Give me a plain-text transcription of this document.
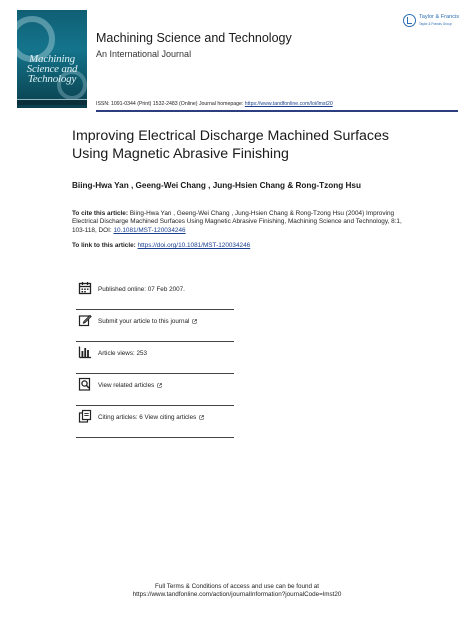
Machining
Science and
Technology
Machining Science and Technology
An International Journal
Taylor & Francis
Taylor & Francis Group
ISSN: 1091-0344 (Print) 1532-2483 (Online) Journal homepage: https://www.tandfonline.com/loi/lmst20
Improving Electrical Discharge Machined Surfaces Using Magnetic Abrasive Finishing
Biing-Hwa Yan , Geeng-Wei Chang , Jung-Hsien Chang & Rong-Tzong Hsu
To cite this article: Biing-Hwa Yan , Geeng-Wei Chang , Jung-Hsien Chang & Rong-Tzong Hsu (2004) Improving Electrical Discharge Machined Surfaces Using Magnetic Abrasive Finishing, Machining Science and Technology, 8:1, 103-118, DOI: 10.1081/MST-120034246
To link to this article: https://doi.org/10.1081/MST-120034246
Published online: 07 Feb 2007.
Submit your article to this journal
Article views: 253
View related articles
Citing articles: 6 View citing articles
Full Terms & Conditions of access and use can be found at
https://www.tandfonline.com/action/journalInformation?journalCode=lmst20
